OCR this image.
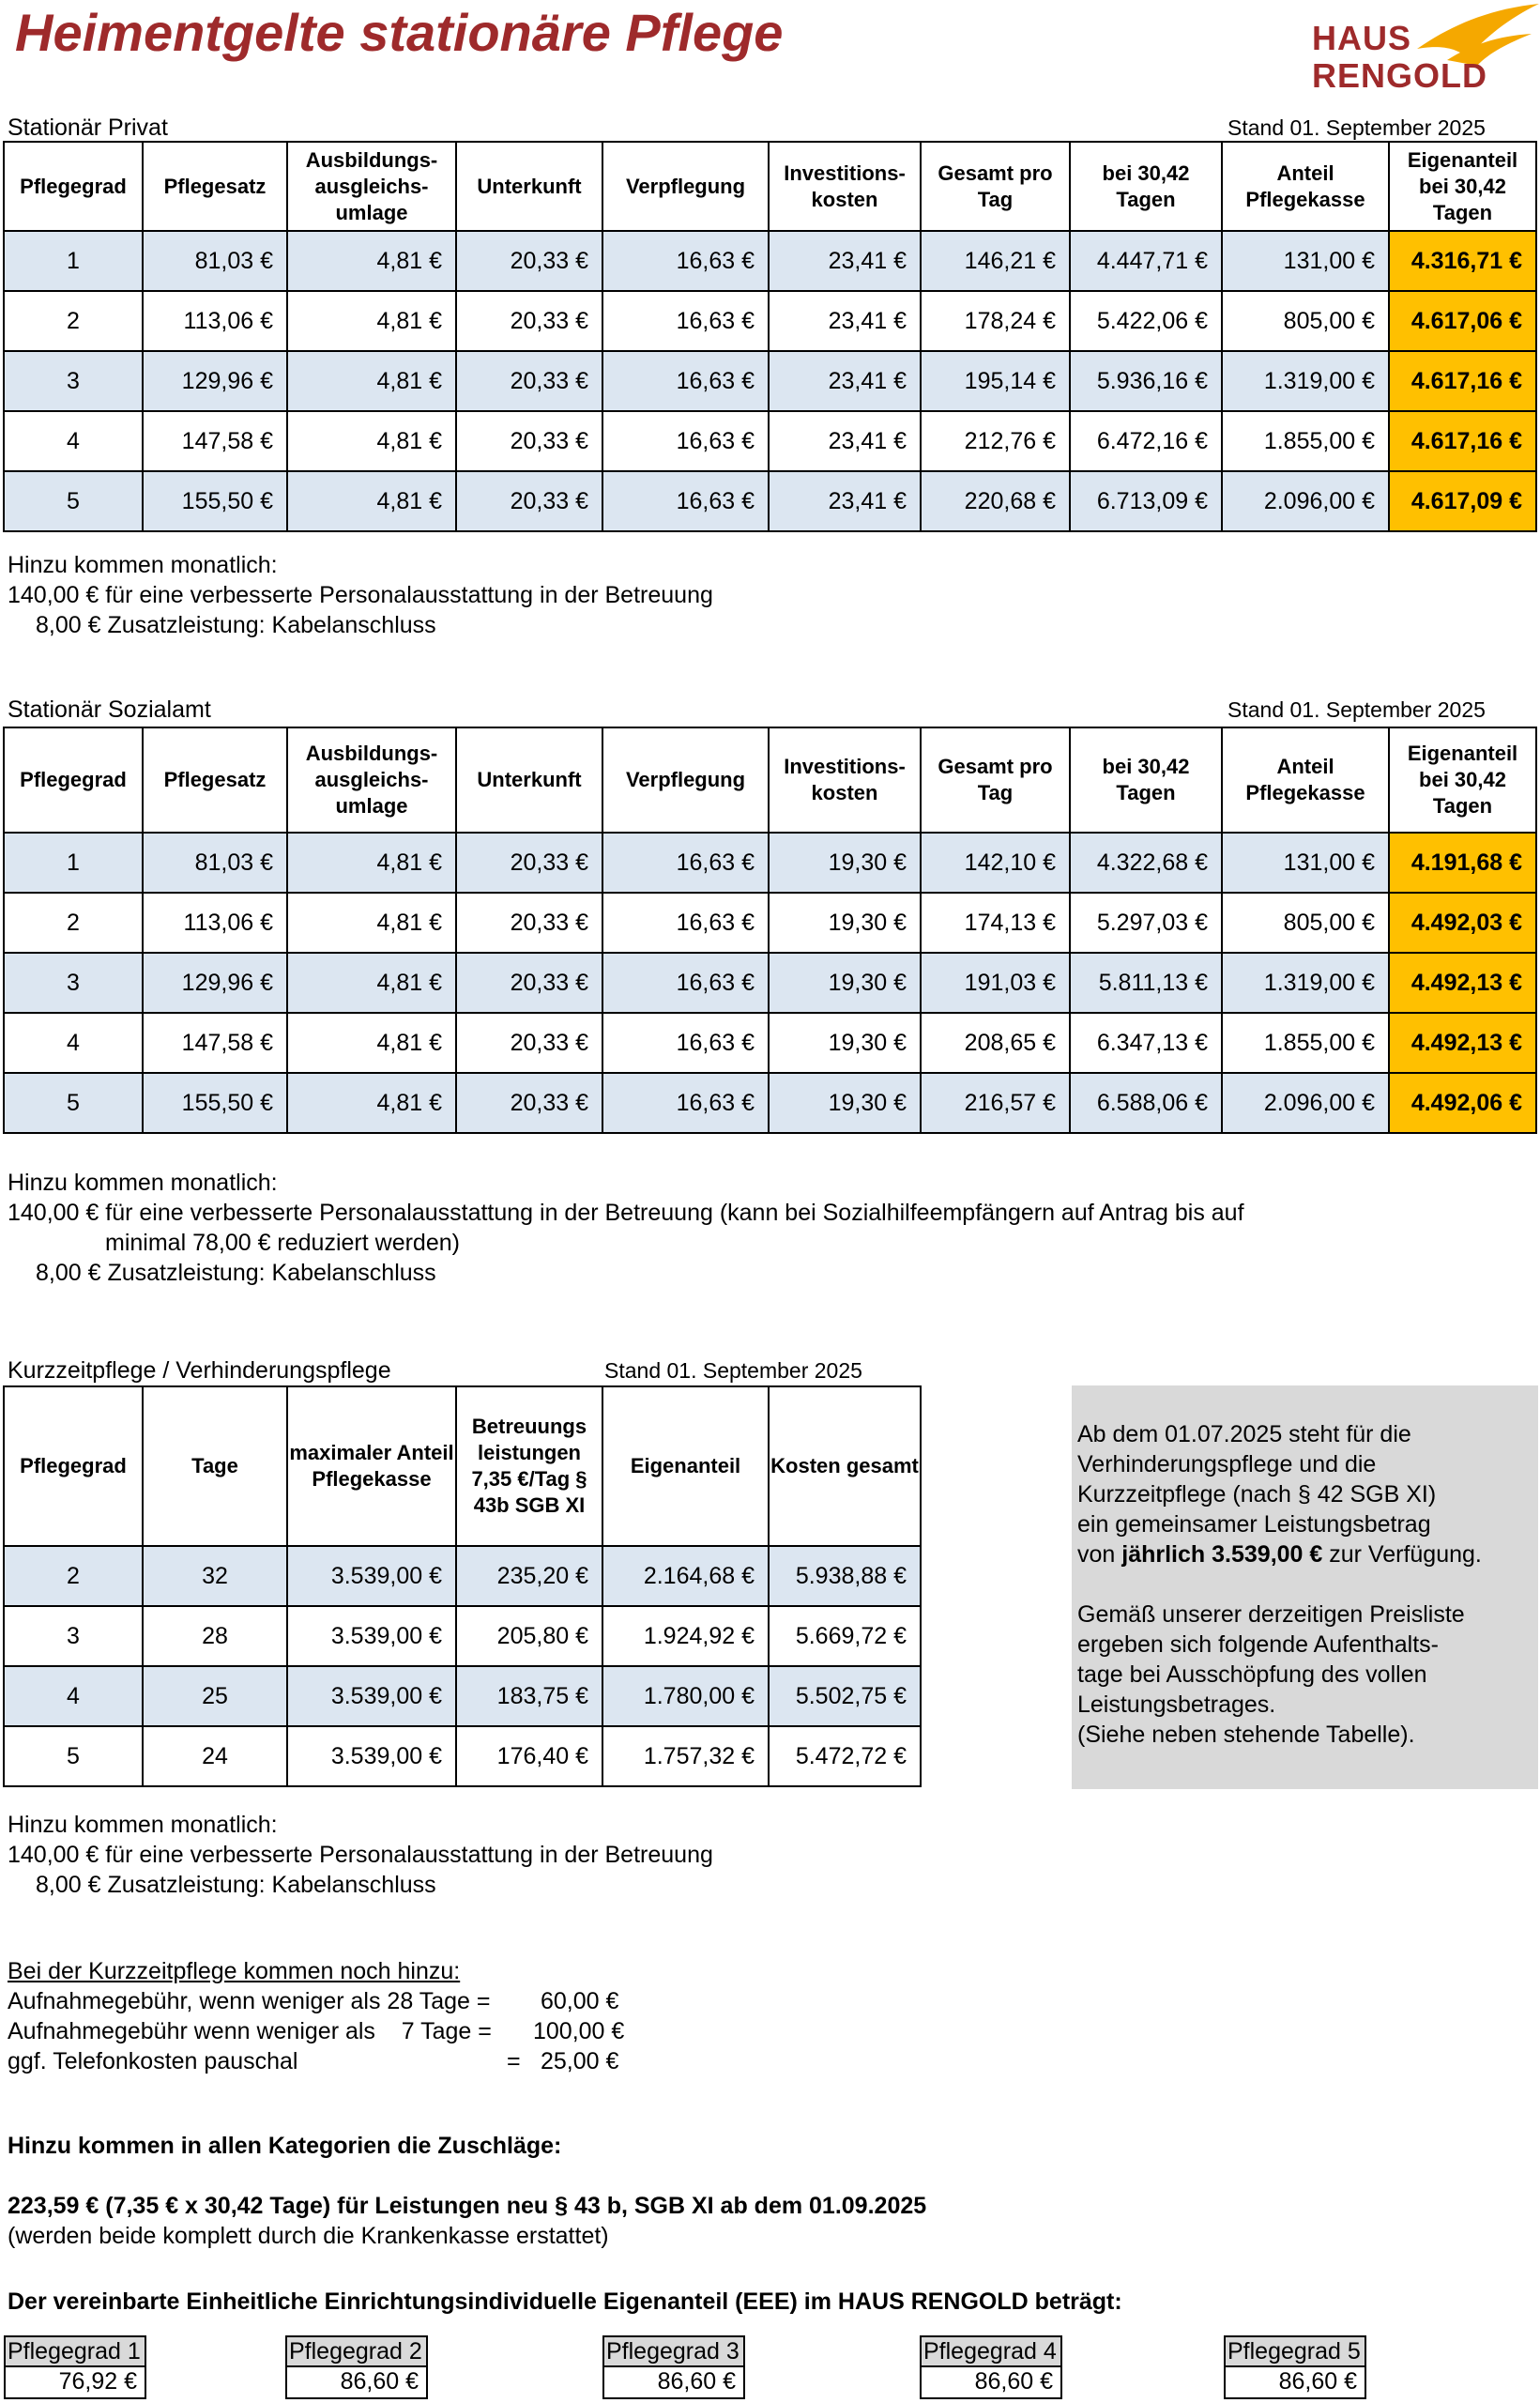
Heimentgelte stationäre Pflege	HAUS
RENGOLD
Stationär Privat	Stand 01. September 2025
Pflegegrad	Pflegesatz	Ausbildungs-ausgleichs-umlage	Unterkunft	Verpflegung	Investitions-kosten	Gesamt pro Tag	bei 30,42 Tagen	Anteil Pflegekasse	Eigenanteil bei 30,42 Tagen
1	81,03 €	4,81 €	20,33 €	16,63 €	23,41 €	146,21 €	4.447,71 €	131,00 €	4.316,71 €
2	113,06 €	4,81 €	20,33 €	16,63 €	23,41 €	178,24 €	5.422,06 €	805,00 €	4.617,06 €
3	129,96 €	4,81 €	20,33 €	16,63 €	23,41 €	195,14 €	5.936,16 €	1.319,00 €	4.617,16 €
4	147,58 €	4,81 €	20,33 €	16,63 €	23,41 €	212,76 €	6.472,16 €	1.855,00 €	4.617,16 €
5	155,50 €	4,81 €	20,33 €	16,63 €	23,41 €	220,68 €	6.713,09 €	2.096,00 €	4.617,09 €
Hinzu kommen monatlich:
140,00 € für eine verbesserte Personalausstattung in der Betreuung
8,00 € Zusatzleistung: Kabelanschluss
Stationär Sozialamt	Stand 01. September 2025
Pflegegrad	Pflegesatz	Ausbildungs-ausgleichs-umlage	Unterkunft	Verpflegung	Investitions-kosten	Gesamt pro Tag	bei 30,42 Tagen	Anteil Pflegekasse	Eigenanteil bei 30,42 Tagen
1	81,03 €	4,81 €	20,33 €	16,63 €	19,30 €	142,10 €	4.322,68 €	131,00 €	4.191,68 €
2	113,06 €	4,81 €	20,33 €	16,63 €	19,30 €	174,13 €	5.297,03 €	805,00 €	4.492,03 €
3	129,96 €	4,81 €	20,33 €	16,63 €	19,30 €	191,03 €	5.811,13 €	1.319,00 €	4.492,13 €
4	147,58 €	4,81 €	20,33 €	16,63 €	19,30 €	208,65 €	6.347,13 €	1.855,00 €	4.492,13 €
5	155,50 €	4,81 €	20,33 €	16,63 €	19,30 €	216,57 €	6.588,06 €	2.096,00 €	4.492,06 €
Hinzu kommen monatlich:
140,00 € für eine verbesserte Personalausstattung in der Betreuung (kann bei Sozialhilfeempfängern auf Antrag bis auf
minimal 78,00 € reduziert werden)
8,00 € Zusatzleistung: Kabelanschluss
Kurzzeitpflege / Verhinderungspflege	Stand 01. September 2025
Pflegegrad	Tage	maximaler Anteil Pflegekasse	Betreuungs leistungen 7,35 €/Tag § 43b SGB XI	Eigenanteil	Kosten gesamt
2	32	3.539,00 €	235,20 €	2.164,68 €	5.938,88 €
3	28	3.539,00 €	205,80 €	1.924,92 €	5.669,72 €
4	25	3.539,00 €	183,75 €	1.780,00 €	5.502,75 €
5	24	3.539,00 €	176,40 €	1.757,32 €	5.472,72 €
Ab dem 01.07.2025 steht für die
Verhinderungspflege und die
Kurzzeitpflege (nach § 42 SGB XI)
ein gemeinsamer Leistungsbetrag
von jährlich 3.539,00 € zur Verfügung.
Gemäß unserer derzeitigen Preisliste
ergeben sich folgende Aufenthalts-
tage bei Ausschöpfung des vollen
Leistungsbetrages.
(Siehe neben stehende Tabelle).
Hinzu kommen monatlich:
140,00 € für eine verbesserte Personalausstattung in der Betreuung
8,00 € Zusatzleistung: Kabelanschluss
Bei der Kurzzeitpflege kommen noch hinzu:
Aufnahmegebühr, wenn weniger als 28 Tage = 60,00 €
Aufnahmegebühr wenn weniger als    7 Tage = 100,00 €
ggf. Telefonkosten pauschal	= 25,00 €
Hinzu kommen in allen Kategorien die Zuschläge:
223,59 € (7,35 € x 30,42 Tage) für Leistungen neu § 43 b, SGB XI ab dem 01.09.2025
(werden beide komplett durch die Krankenkasse erstattet)
Der vereinbarte Einheitliche Einrichtungsindividuelle Eigenanteil (EEE) im HAUS RENGOLD beträgt:
Pflegegrad 1
76,92 €
Pflegegrad 2
86,60 €
Pflegegrad 3
86,60 €
Pflegegrad 4
86,60 €
Pflegegrad 5
86,60 €
